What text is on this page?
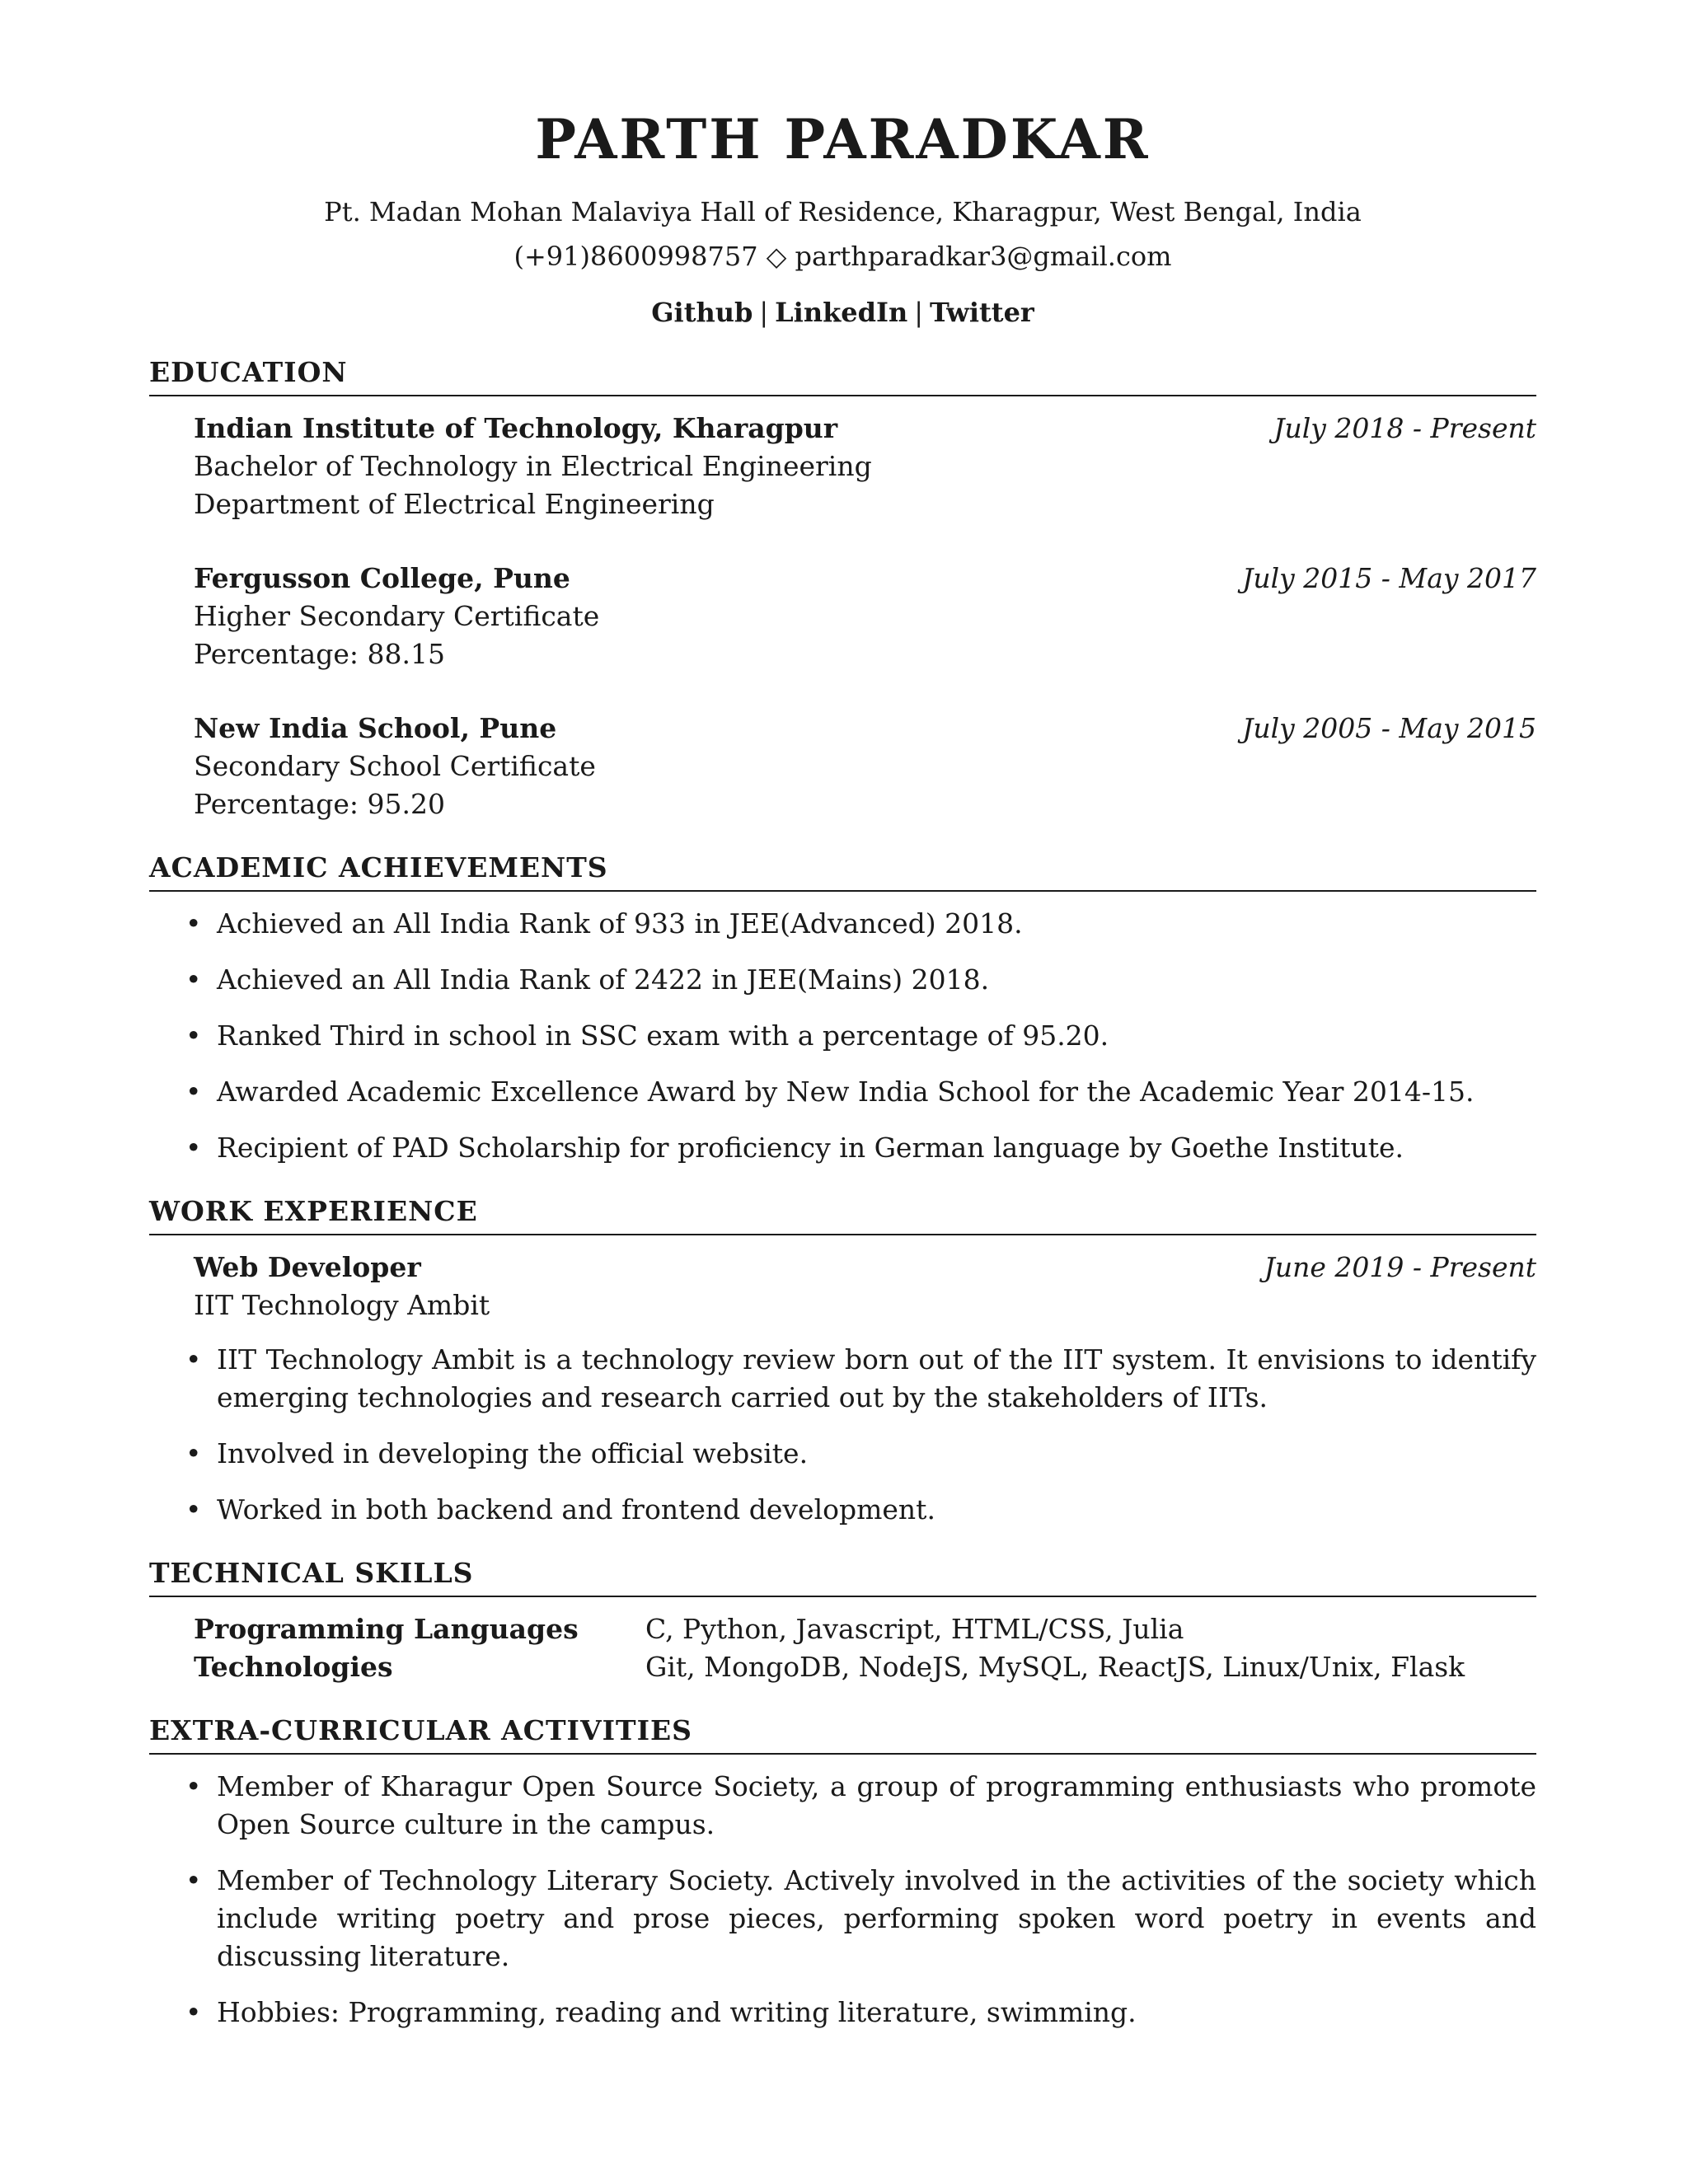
PARTH PARADKAR
Pt. Madan Mohan Malaviya Hall of Residence, Kharagpur, West Bengal, India
(+91)8600998757 ◇ parthparadkar3@gmail.com
Github | LinkedIn | Twitter
EDUCATION
Indian Institute of Technology, Kharagpur	July 2018 - Present
Bachelor of Technology in Electrical Engineering
Department of Electrical Engineering
Fergusson College, Pune	July 2015 - May 2017
Higher Secondary Certificate
Percentage: 88.15
New India School, Pune	July 2005 - May 2015
Secondary School Certificate
Percentage: 95.20
ACADEMIC ACHIEVEMENTS
• Achieved an All India Rank of 933 in JEE(Advanced) 2018.
• Achieved an All India Rank of 2422 in JEE(Mains) 2018.
• Ranked Third in school in SSC exam with a percentage of 95.20.
• Awarded Academic Excellence Award by New India School for the Academic Year 2014-15.
• Recipient of PAD Scholarship for proficiency in German language by Goethe Institute.
WORK EXPERIENCE
Web Developer	June 2019 - Present
IIT Technology Ambit
• IIT Technology Ambit is a technology review born out of the IIT system. It envisions to identify emerging technologies and research carried out by the stakeholders of IITs.
• Involved in developing the official website.
• Worked in both backend and frontend development.
TECHNICAL SKILLS
Programming Languages	C, Python, Javascript, HTML/CSS, Julia
Technologies	Git, MongoDB, NodeJS, MySQL, ReactJS, Linux/Unix, Flask
EXTRA-CURRICULAR ACTIVITIES
• Member of Kharagur Open Source Society, a group of programming enthusiasts who promote Open Source culture in the campus.
• Member of Technology Literary Society. Actively involved in the activities of the society which include writing poetry and prose pieces, performing spoken word poetry in events and discussing literature.
• Hobbies: Programming, reading and writing literature, swimming.
